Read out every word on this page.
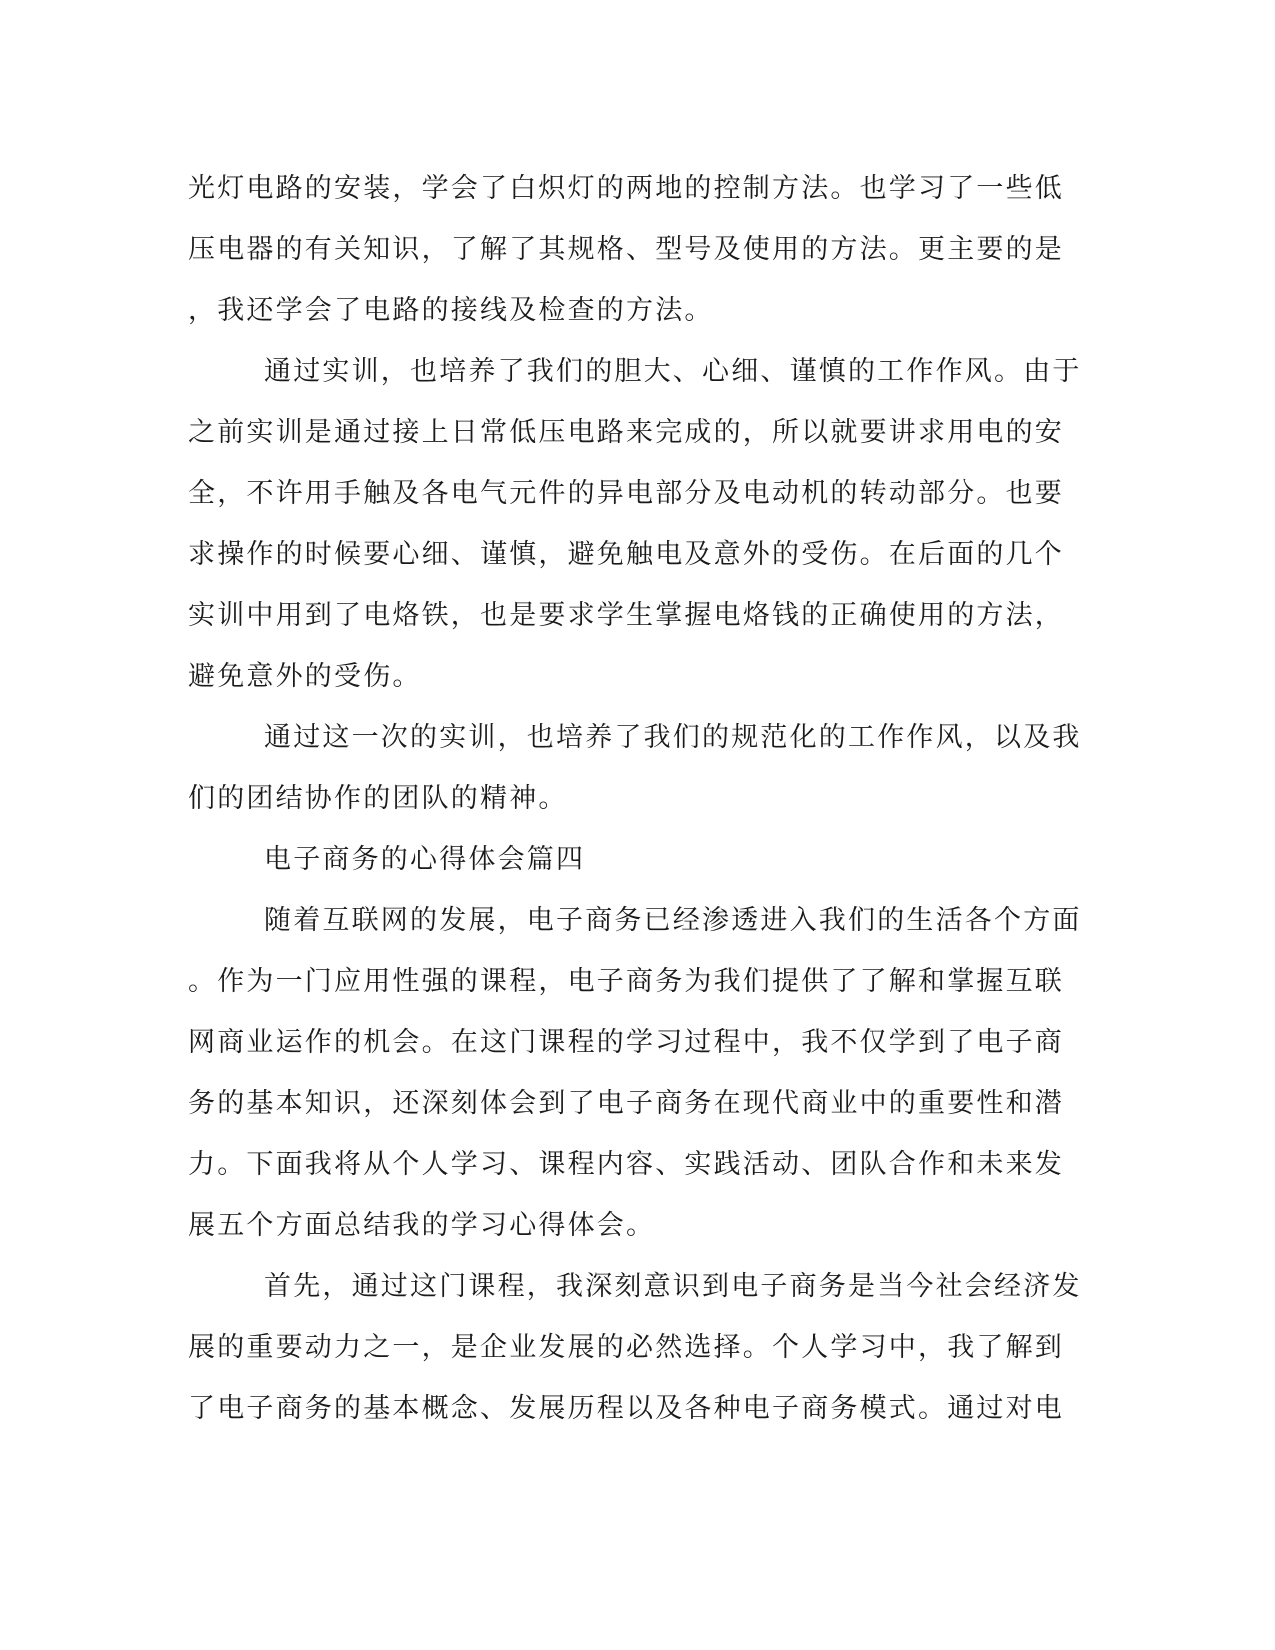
光灯电路的安装，学会了白炽灯的两地的控制方法。也学习了一些低
压电器的有关知识，了解了其规格、型号及使用的方法。更主要的是
，我还学会了电路的接线及检查的方法。
通过实训，也培养了我们的胆大、心细、谨慎的工作作风。由于
之前实训是通过接上日常低压电路来完成的，所以就要讲求用电的安
全，不许用手触及各电气元件的异电部分及电动机的转动部分。也要
求操作的时候要心细、谨慎，避免触电及意外的受伤。在后面的几个
实训中用到了电烙铁，也是要求学生掌握电烙钱的正确使用的方法，
避免意外的受伤。
通过这一次的实训，也培养了我们的规范化的工作作风，以及我
们的团结协作的团队的精神。
电子商务的心得体会篇四
随着互联网的发展，电子商务已经渗透进入我们的生活各个方面
。作为一门应用性强的课程，电子商务为我们提供了了解和掌握互联
网商业运作的机会。在这门课程的学习过程中，我不仅学到了电子商
务的基本知识，还深刻体会到了电子商务在现代商业中的重要性和潜
力。下面我将从个人学习、课程内容、实践活动、团队合作和未来发
展五个方面总结我的学习心得体会。
首先，通过这门课程，我深刻意识到电子商务是当今社会经济发
展的重要动力之一，是企业发展的必然选择。个人学习中，我了解到
了电子商务的基本概念、发展历程以及各种电子商务模式。通过对电
